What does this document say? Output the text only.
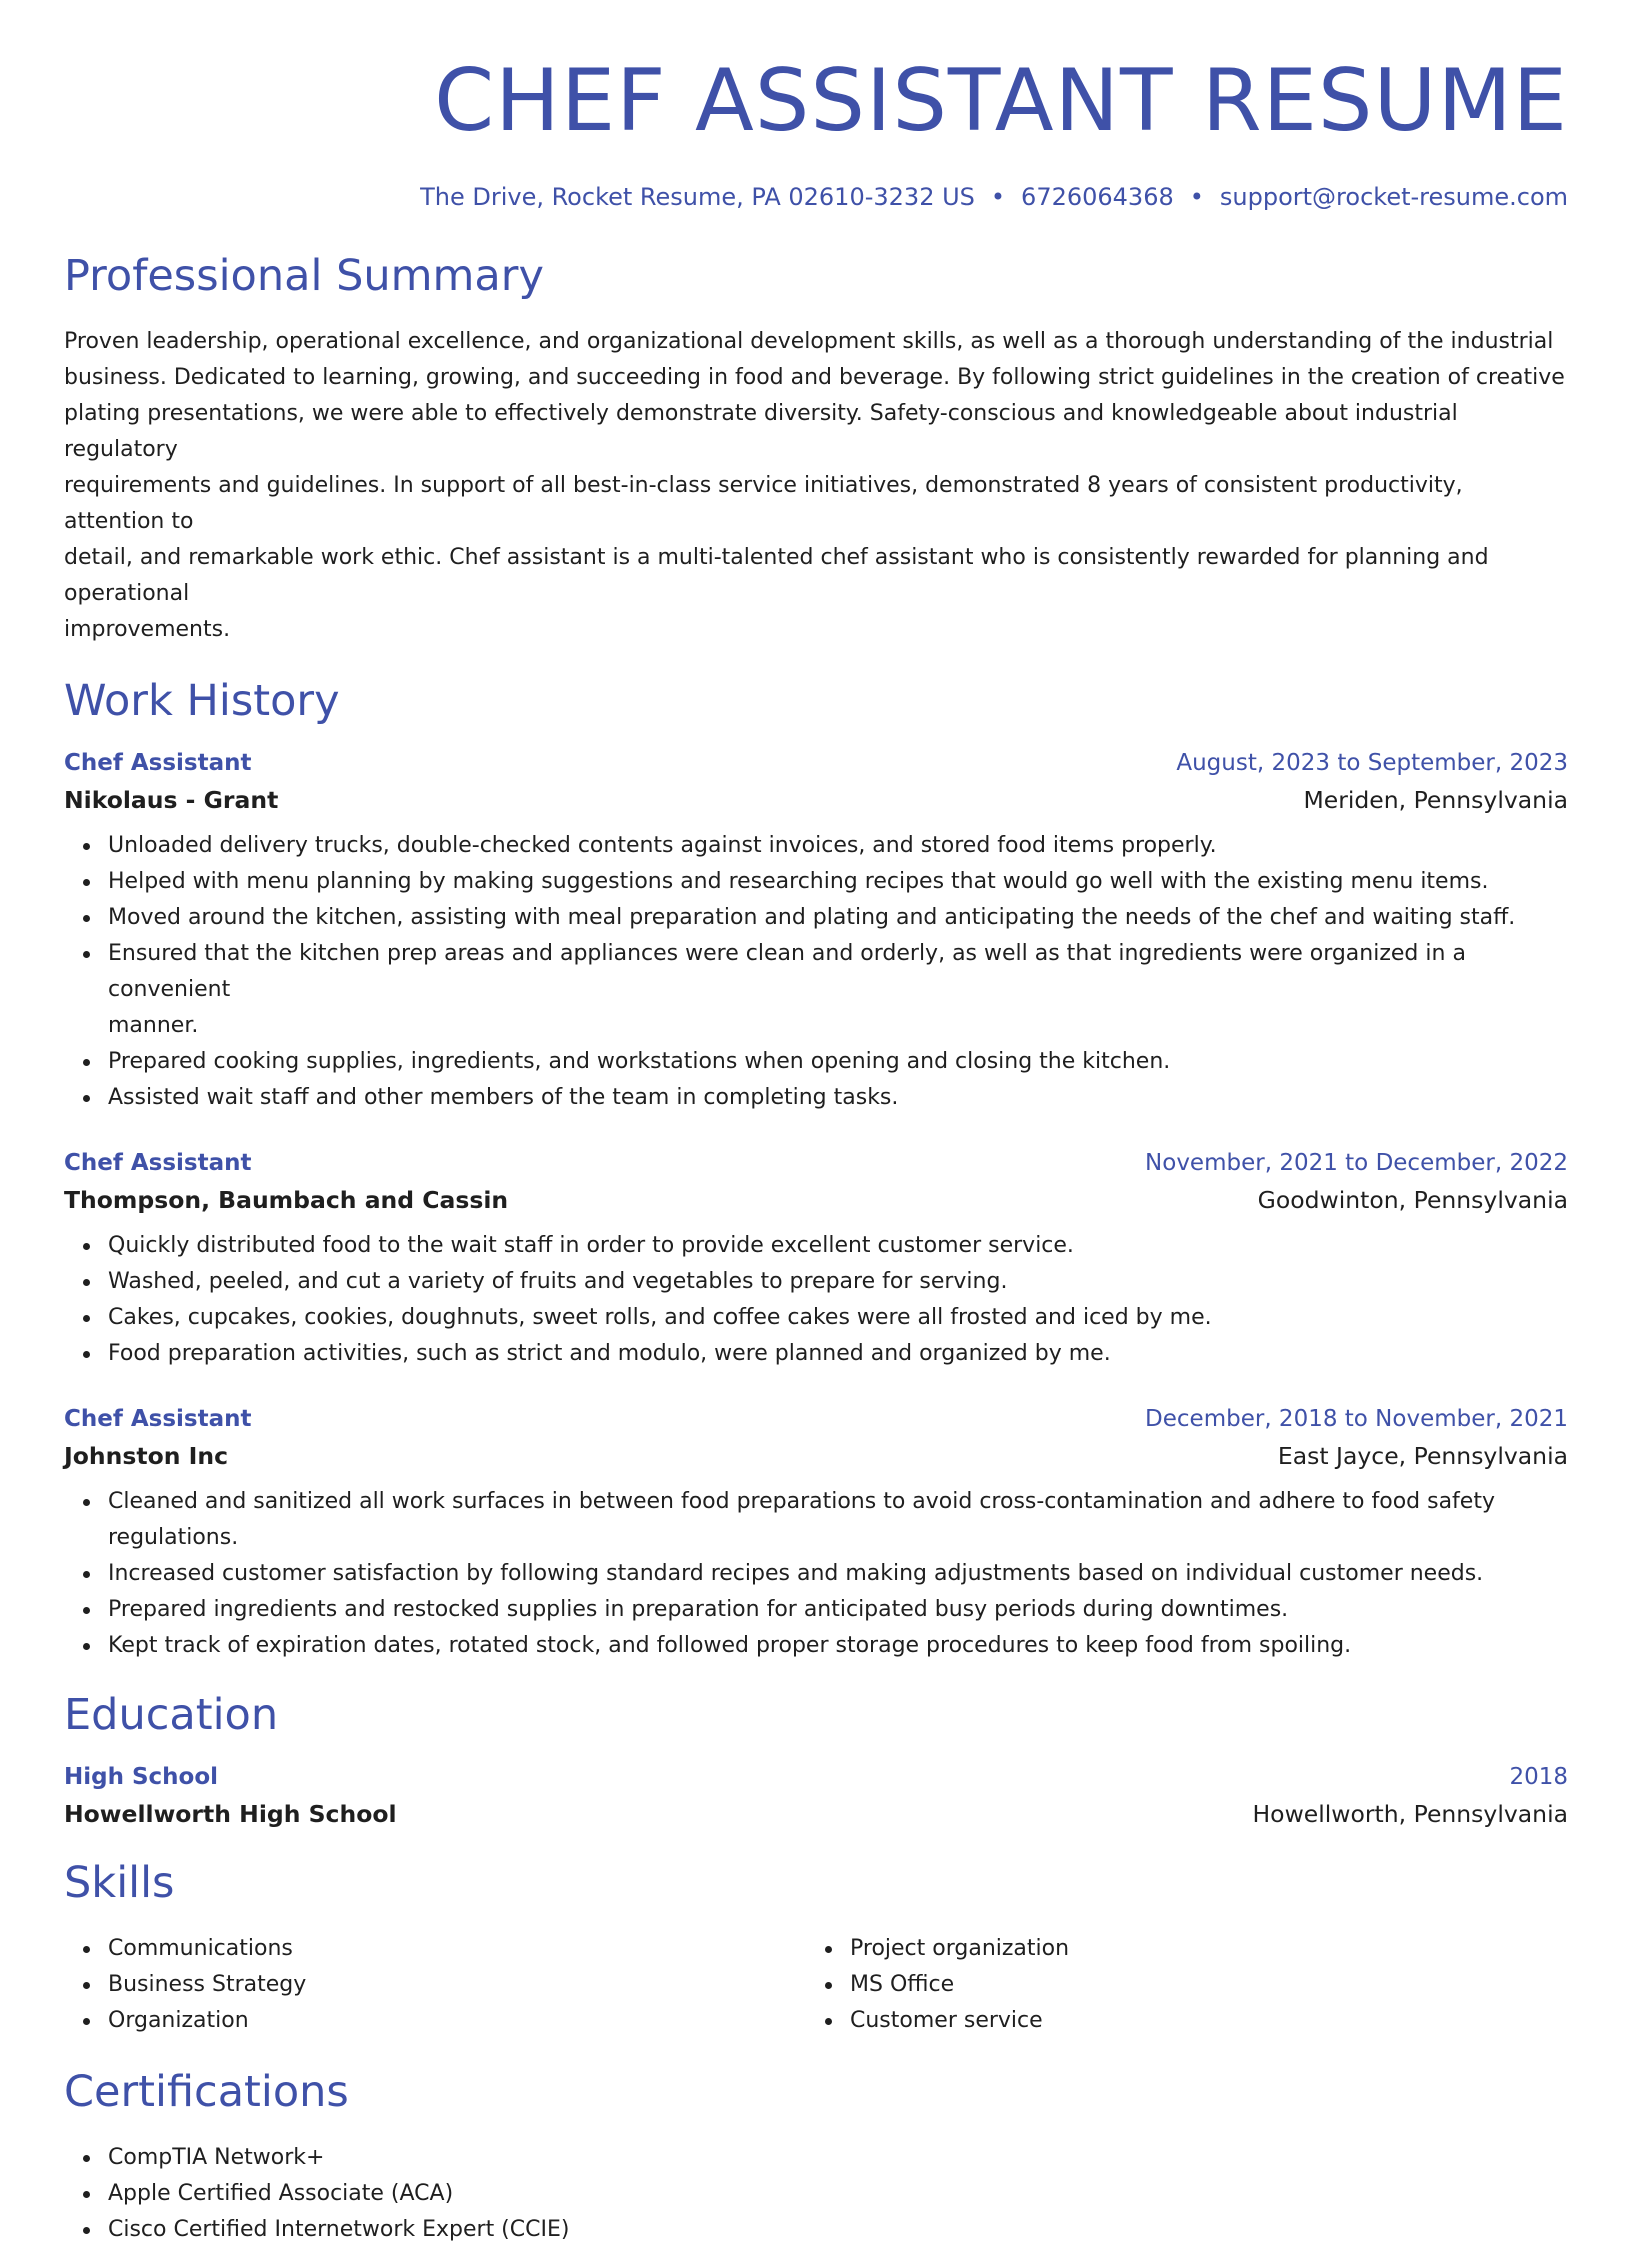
CHEF ASSISTANT RESUME
The Drive, Rocket Resume, PA 02610-3232 US • 6726064368 • support@rocket-resume.com
Professional Summary
Proven leadership, operational excellence, and organizational development skills, as well as a thorough understanding of the industrial
business. Dedicated to learning, growing, and succeeding in food and beverage. By following strict guidelines in the creation of creative
plating presentations, we were able to effectively demonstrate diversity. Safety-conscious and knowledgeable about industrial regulatory
requirements and guidelines. In support of all best-in-class service initiatives, demonstrated 8 years of consistent productivity, attention to
detail, and remarkable work ethic. Chef assistant is a multi-talented chef assistant who is consistently rewarded for planning and operational
improvements.
Work History
Chef Assistant	August, 2023 to September, 2023
Nikolaus - Grant	Meriden, Pennsylvania
Unloaded delivery trucks, double-checked contents against invoices, and stored food items properly.
Helped with menu planning by making suggestions and researching recipes that would go well with the existing menu items.
Moved around the kitchen, assisting with meal preparation and plating and anticipating the needs of the chef and waiting staff.
Ensured that the kitchen prep areas and appliances were clean and orderly, as well as that ingredients were organized in a convenient
manner.
Prepared cooking supplies, ingredients, and workstations when opening and closing the kitchen.
Assisted wait staff and other members of the team in completing tasks.
Chef Assistant	November, 2021 to December, 2022
Thompson, Baumbach and Cassin	Goodwinton, Pennsylvania
Quickly distributed food to the wait staff in order to provide excellent customer service.
Washed, peeled, and cut a variety of fruits and vegetables to prepare for serving.
Cakes, cupcakes, cookies, doughnuts, sweet rolls, and coffee cakes were all frosted and iced by me.
Food preparation activities, such as strict and modulo, were planned and organized by me.
Chef Assistant	December, 2018 to November, 2021
Johnston Inc	East Jayce, Pennsylvania
Cleaned and sanitized all work surfaces in between food preparations to avoid cross-contamination and adhere to food safety regulations.
Increased customer satisfaction by following standard recipes and making adjustments based on individual customer needs.
Prepared ingredients and restocked supplies in preparation for anticipated busy periods during downtimes.
Kept track of expiration dates, rotated stock, and followed proper storage procedures to keep food from spoiling.
Education
High School	2018
Howellworth High School	Howellworth, Pennsylvania
Skills
Communications
Business Strategy
Organization
Project organization
MS Office
Customer service
Certifications
CompTIA Network+
Apple Certified Associate (ACA)
Cisco Certified Internetwork Expert (CCIE)
